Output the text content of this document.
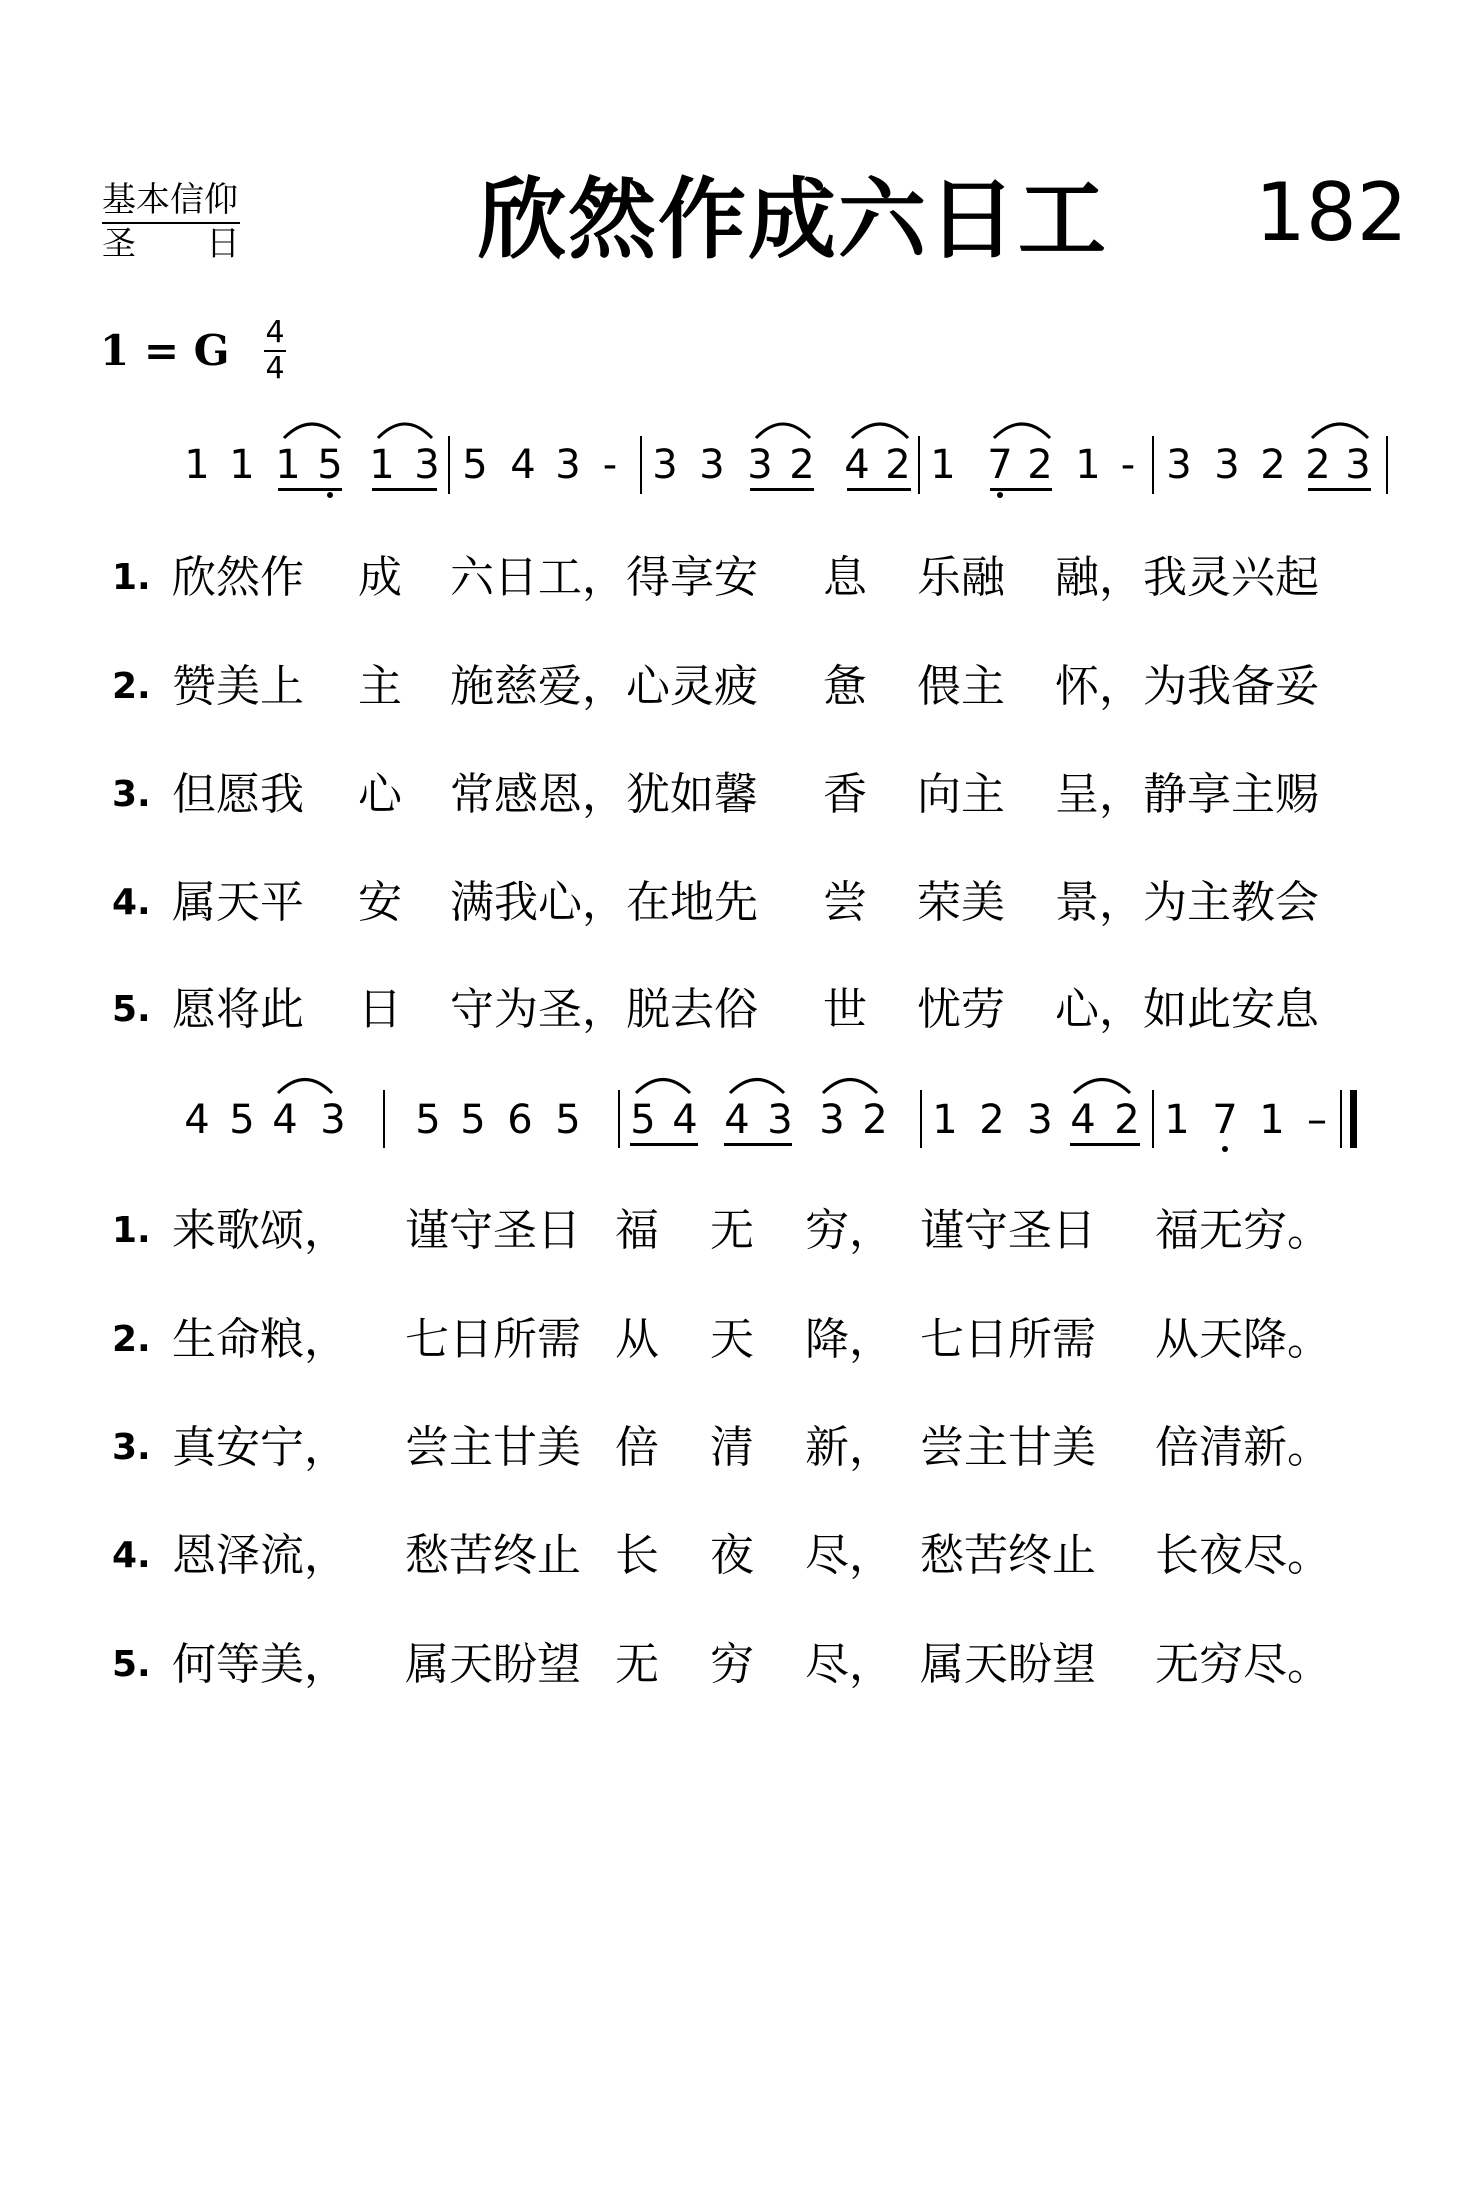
基本信仰
圣 日	欣然作成六日工 182
1 = G 4
4
1 1 1 5 1 3 5 4 3 - 3 3 3 2 4 2 1 7 2 1 - 3 3 2 2 3
1. 欣然作 成 六日工，得享安 息 乐融 融，我灵兴起
2. 赞美上 主 施慈爱，心灵疲 惫 偎主 怀，为我备妥
3. 但愿我 心 常感恩，犹如馨 香 向主 呈，静享主赐
4. 属天平 安 满我心，在地先 尝 荣美 景，为主教会
5. 愿将此 日 守为圣，脱去俗 世 忧劳 心，如此安息
4 5 4 3 5 5 6 5 5 4 4 3 3 2 1 2 3 4 2 1 7 1 –
1. 来歌颂， 谨守圣日 福 无 穷， 谨守圣日 福无穷。
2. 生命粮， 七日所需 从 天 降， 七日所需 从天降。
3. 真安宁， 尝主甘美 倍 清 新， 尝主甘美 倍清新。
4. 恩泽流， 愁苦终止 长 夜 尽， 愁苦终止 长夜尽。
5. 何等美， 属天盼望 无 穷 尽， 属天盼望 无穷尽。
